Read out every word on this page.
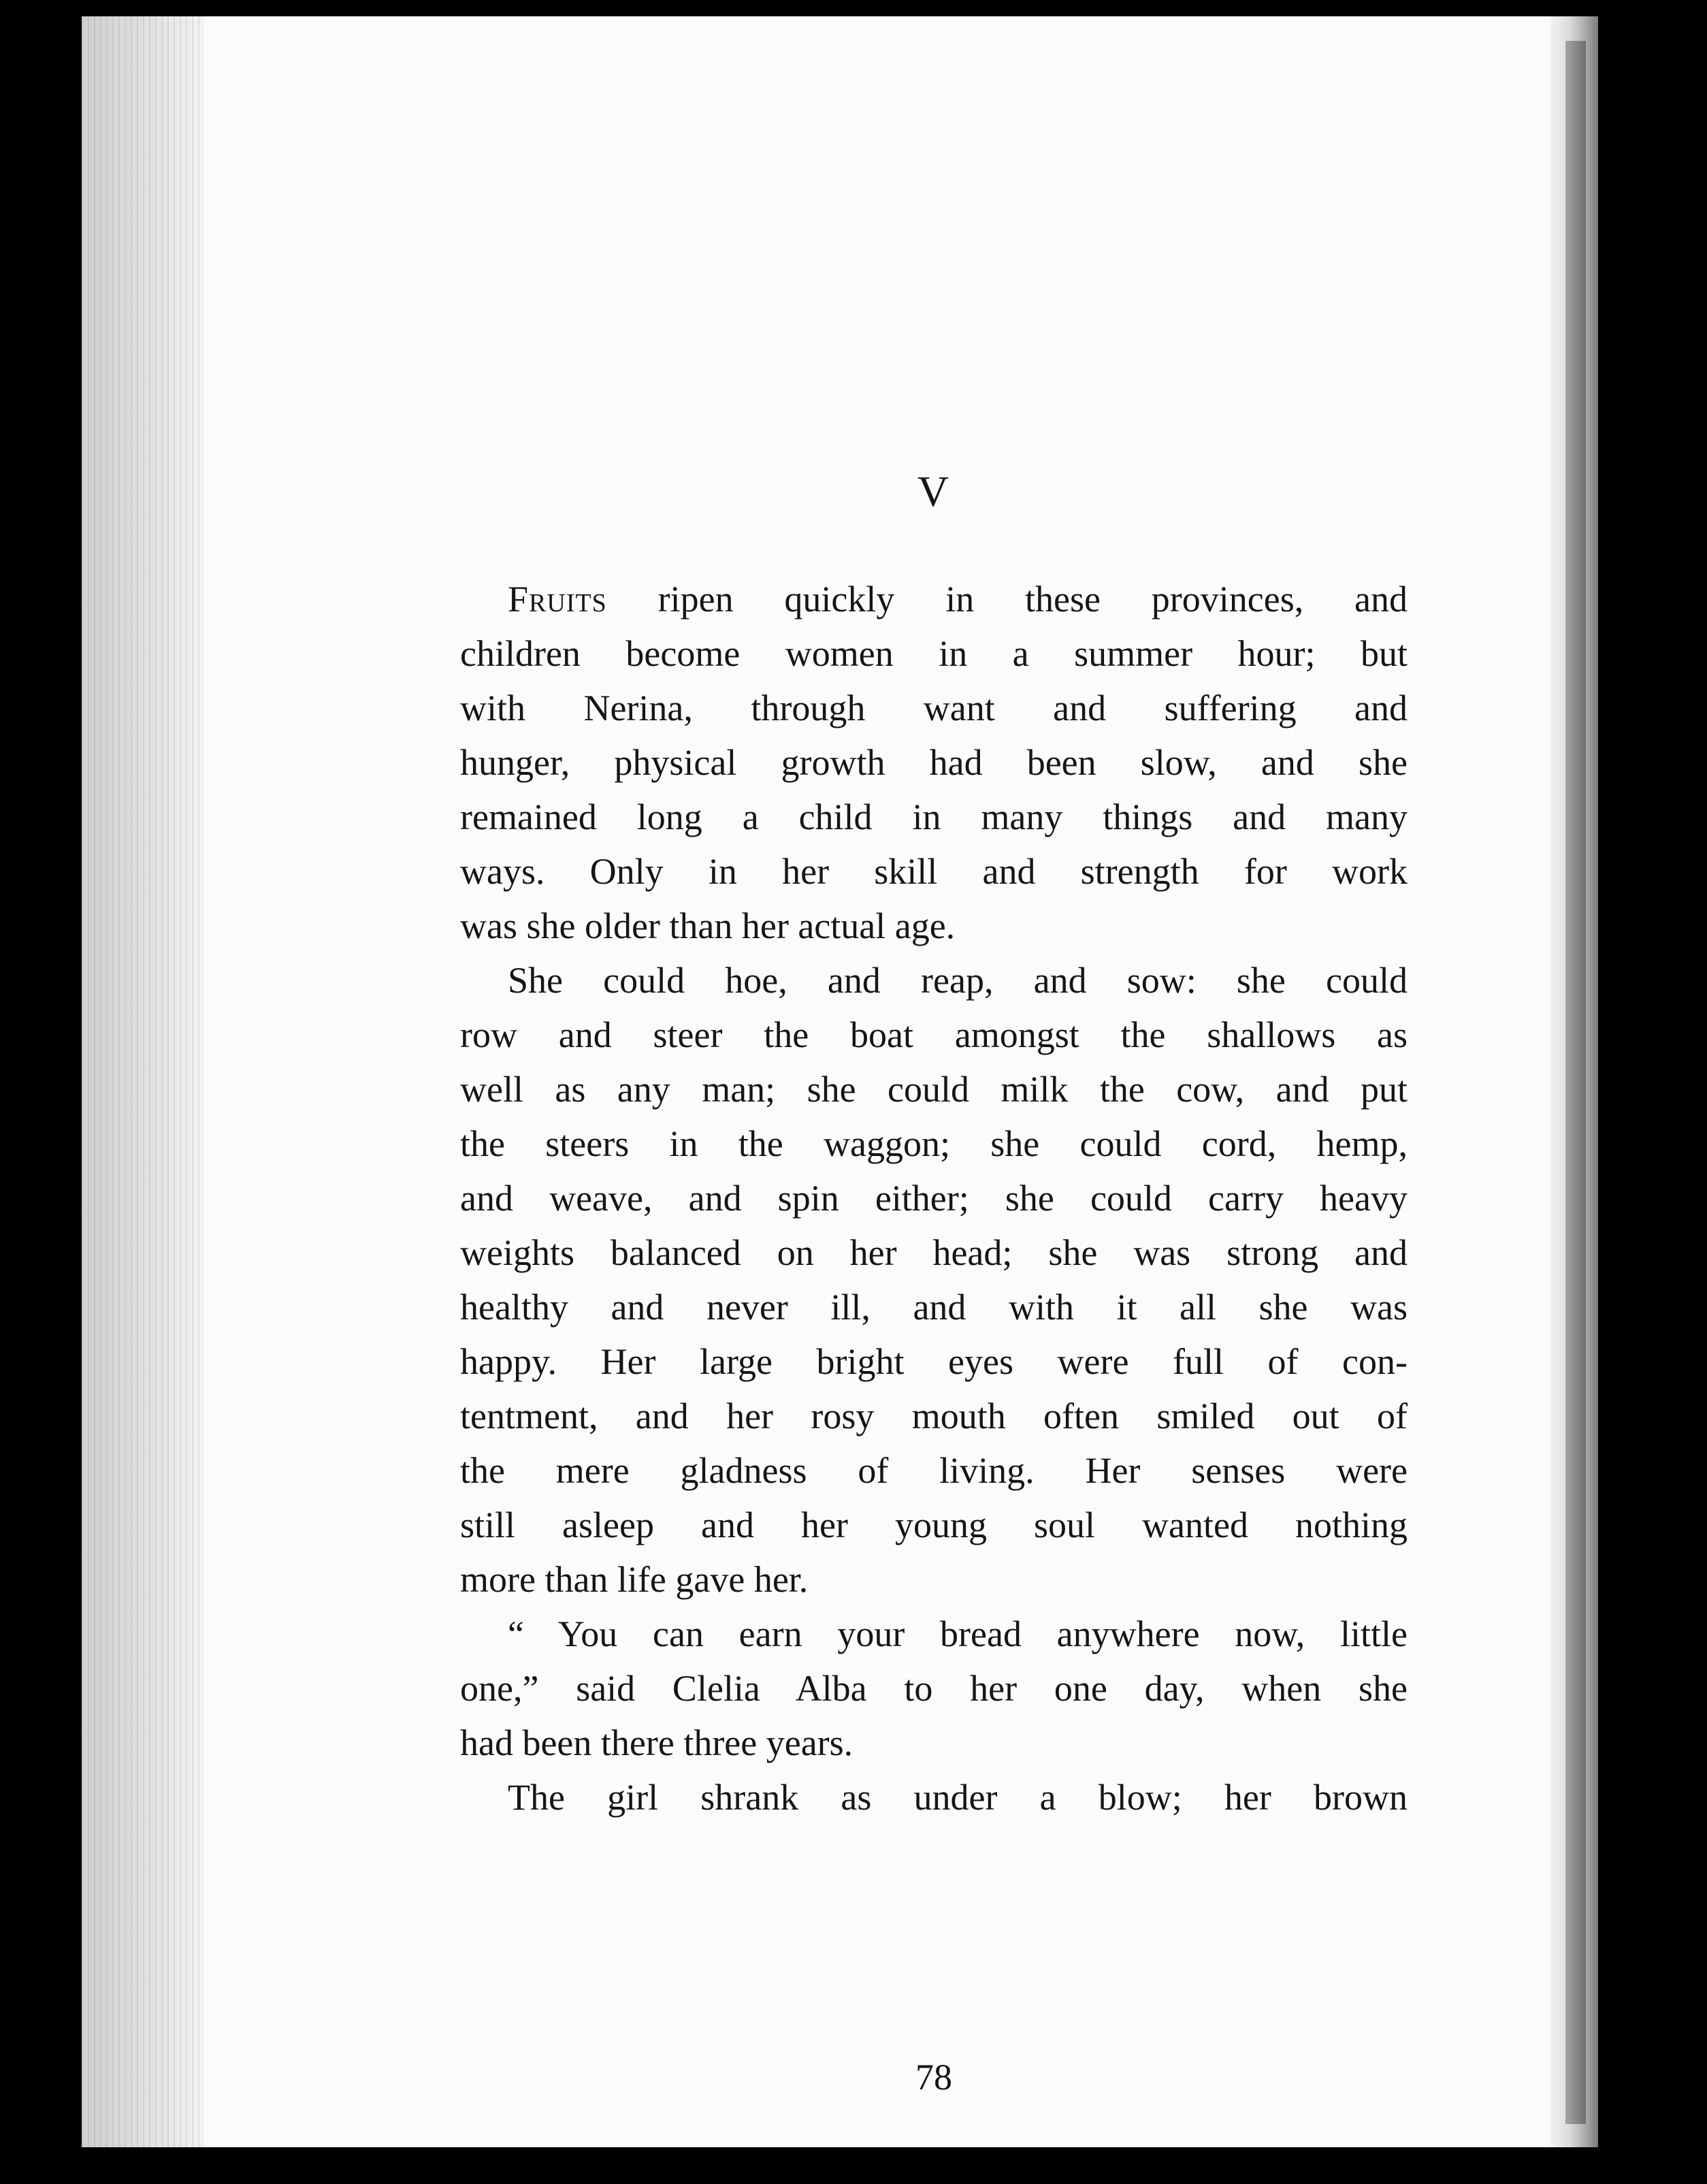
V
Fruits ripen quickly in these provinces, and
children become women in a summer hour; but
with Nerina, through want and suffering and
hunger, physical growth had been slow, and she
remained long a child in many things and many
ways. Only in her skill and strength for work
was she older than her actual age.
She could hoe, and reap, and sow: she could
row and steer the boat amongst the shallows as
well as any man; she could milk the cow, and put
the steers in the waggon; she could cord, hemp,
and weave, and spin either; she could carry heavy
weights balanced on her head; she was strong and
healthy and never ill, and with it all she was
happy. Her large bright eyes were full of con-
tentment, and her rosy mouth often smiled out of
the mere gladness of living. Her senses were
still asleep and her young soul wanted nothing
more than life gave her.
“ You can earn your bread anywhere now, little
one,” said Clelia Alba to her one day, when she
had been there three years.
The girl shrank as under a blow; her brown
78
